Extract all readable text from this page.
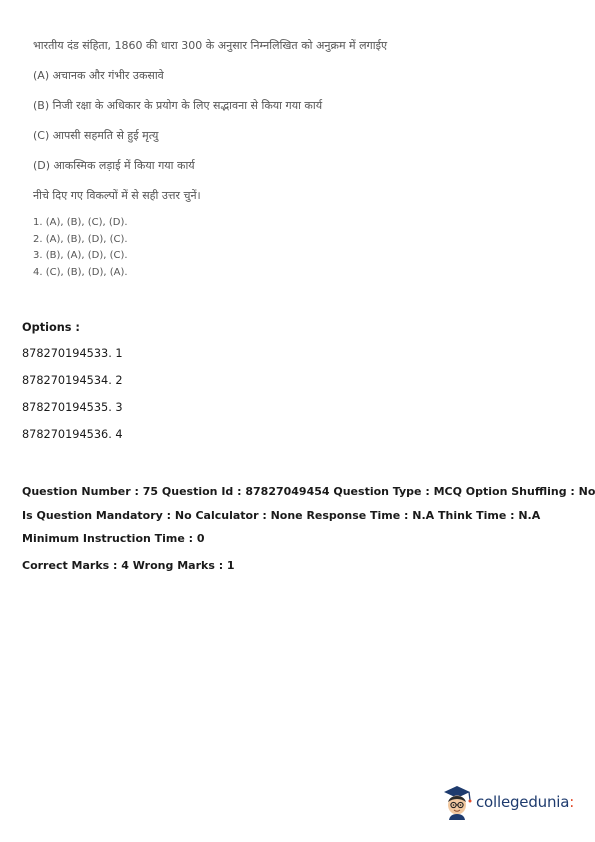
भारतीय दंड संहिता, 1860 की धारा 300 के अनुसार निम्नलिखित को अनुक्रम में लगाईए
(A) अचानक और गंभीर उकसावे
(B) निजी रक्षा के अधिकार के प्रयोग के लिए सद्भावना से किया गया कार्य
(C) आपसी सहमति से हुई मृत्यु
(D) आकस्मिक लड़ाई में किया गया कार्य
नीचे दिए गए विकल्पों में से सही उत्तर चुनें।
1. (A), (B), (C), (D).
2. (A), (B), (D), (C).
3. (B), (A), (D), (C).
4. (C), (B), (D), (A).
Options :
878270194533. 1
878270194534. 2
878270194535. 3
878270194536. 4
Question Number : 75 Question Id : 87827049454 Question Type : MCQ Option Shuffling : No
Is Question Mandatory : No Calculator : None Response Time : N.A Think Time : N.A
Minimum Instruction Time : 0
Correct Marks : 4 Wrong Marks : 1
collegedunia:
